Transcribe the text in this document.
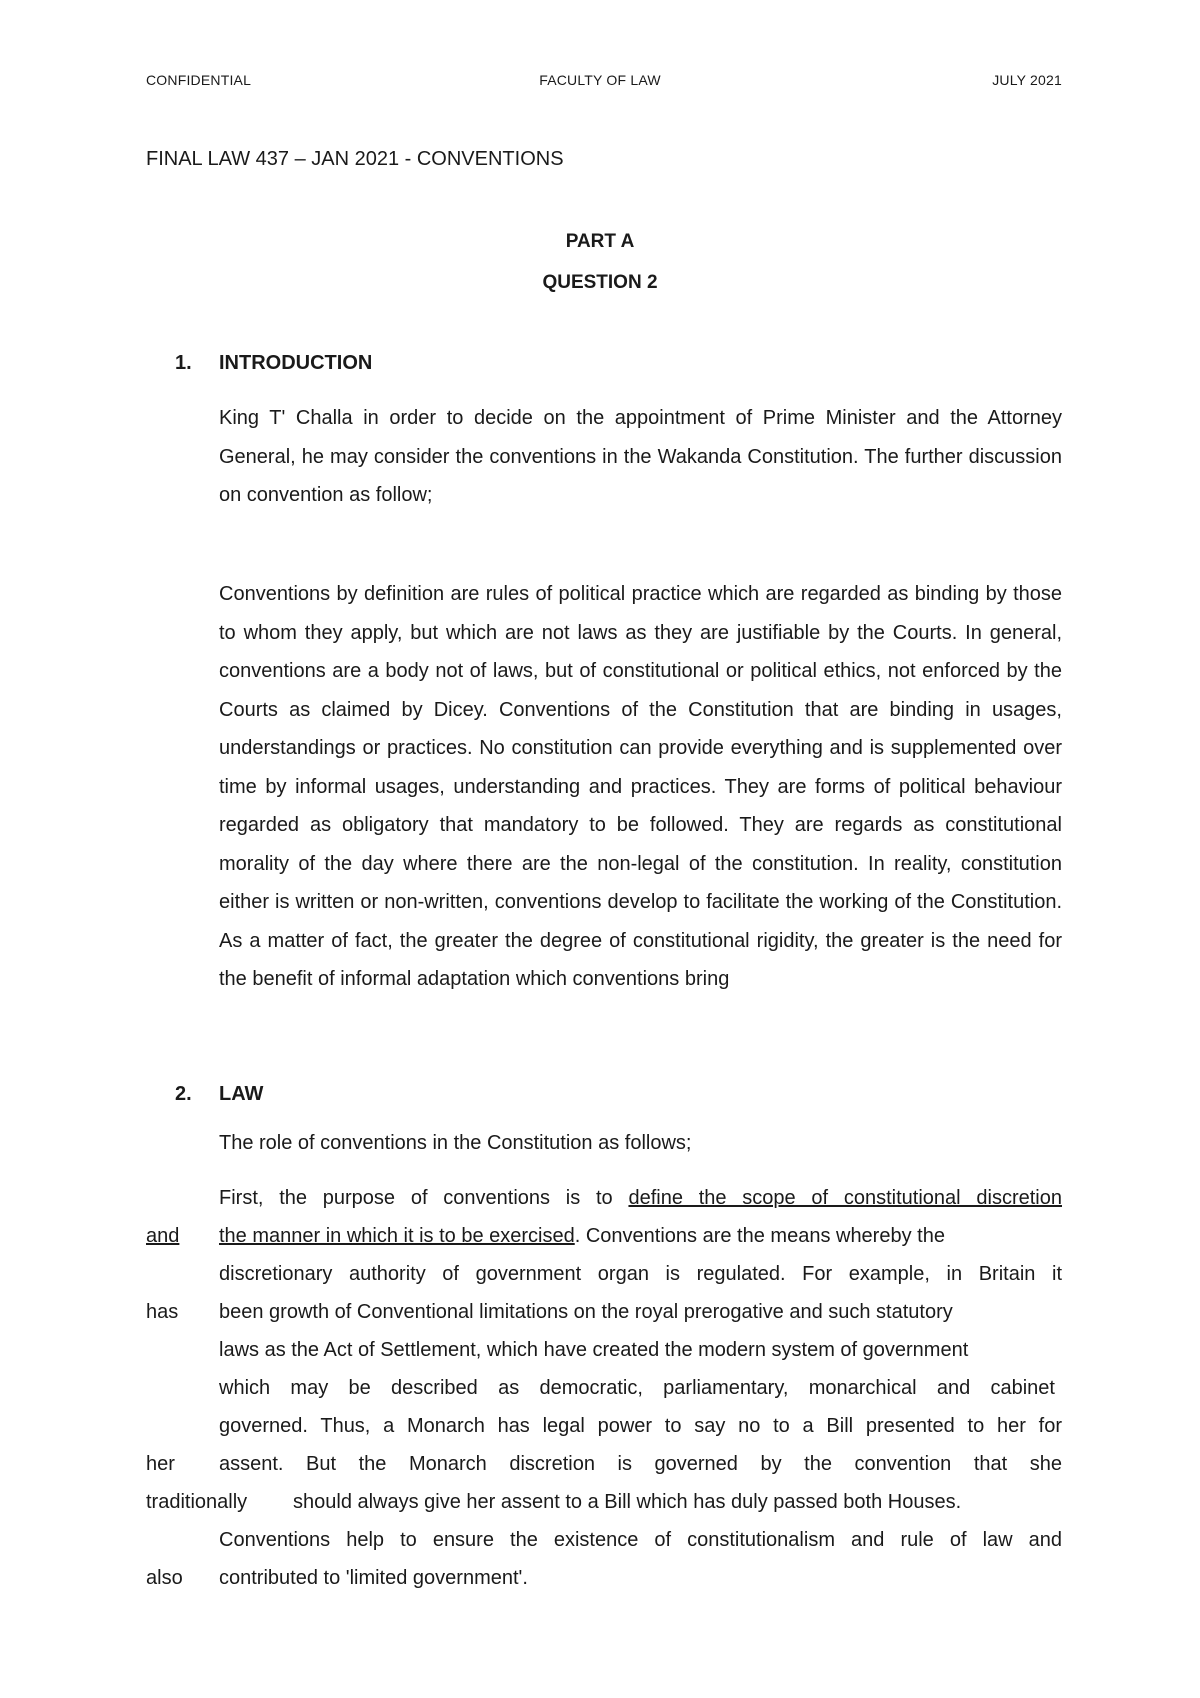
FACULTY OF LAW
CONFIDENTIAL	JULY 2021
FINAL LAW 437 – JAN 2021 - CONVENTIONS
PART A
QUESTION 2
1. INTRODUCTION

King T' Challa in order to decide on the appointment of Prime Minister and the Attorney General, he may consider the conventions in the Wakanda Constitution. The further discussion on convention as follow;

Conventions by definition are rules of political practice which are regarded as binding by those to whom they apply, but which are not laws as they are justifiable by the Courts. In general, conventions are a body not of laws, but of constitutional or political ethics, not enforced by the Courts as claimed by Dicey. Conventions of the Constitution that are binding in usages, understandings or practices. No constitution can provide everything and is supplemented over time by informal usages, understanding and practices. They are forms of political behaviour regarded as obligatory that mandatory to be followed. They are regards as constitutional morality of the day where there are the non-legal of the constitution. In reality, constitution either is written or non-written, conventions develop to facilitate the working of the Constitution. As a matter of fact, the greater the degree of constitutional rigidity, the greater is the need for the benefit of informal adaptation which conventions bring

2. LAW
The role of conventions in the Constitution as follows;
First, the purpose of conventions is to define the scope of constitutional discretion
and the manner in which it is to be exercised. Conventions are the means whereby the
discretionary authority of government organ is regulated. For example, in Britain it
has been growth of Conventional limitations on the royal prerogative and such statutory
laws as the Act of Settlement, which have created the modern system of government
which may be described as democratic, parliamentary, monarchical and cabinet
governed. Thus, a Monarch has legal power to say no to a Bill presented to her for
her assent. But the Monarch discretion is governed by the convention that she
traditionally should always give her assent to a Bill which has duly passed both Houses.
Conventions help to ensure the existence of constitutionalism and rule of law and
also contributed to 'limited government'.
